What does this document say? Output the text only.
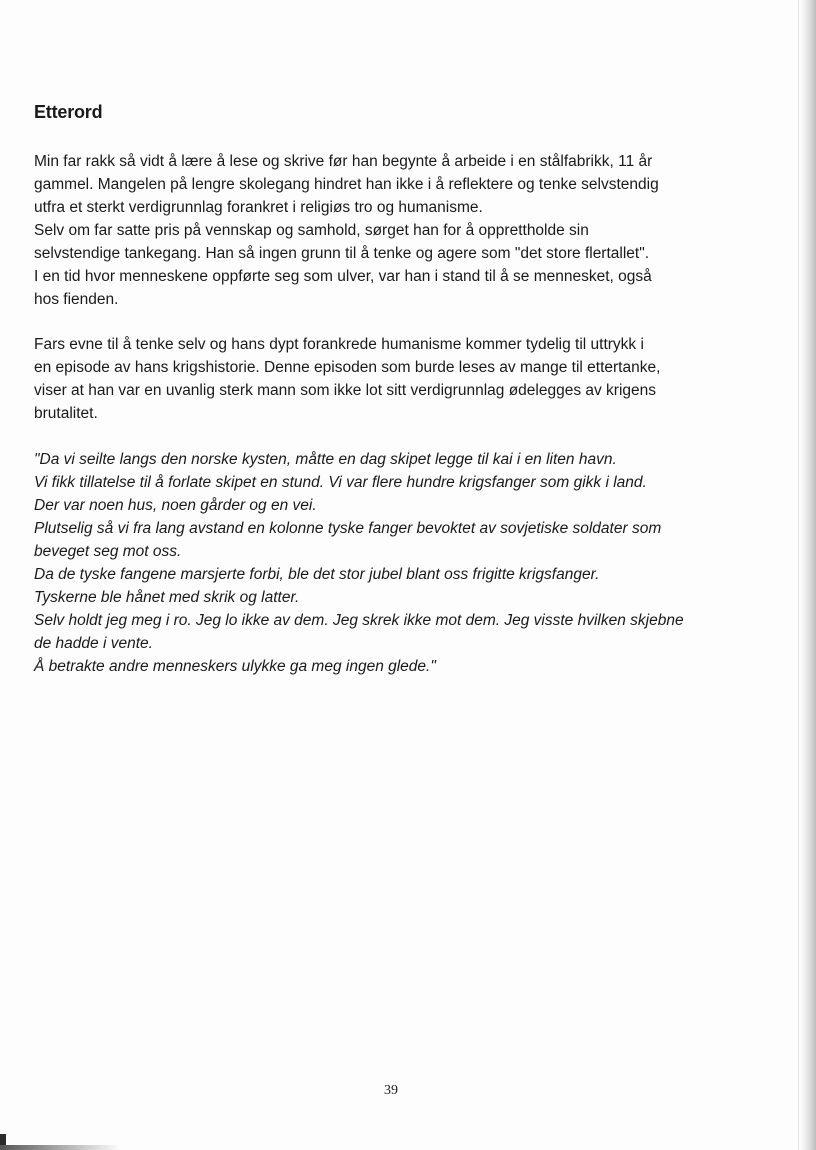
Etterord

Min far rakk så vidt å lære å lese og skrive før han begynte å arbeide i en stålfabrikk, 11 år
gammel. Mangelen på lengre skolegang hindret han ikke i å reflektere og tenke selvstendig
utfra et sterkt verdigrunnlag forankret i religiøs tro og humanisme.
Selv om far satte pris på vennskap og samhold, sørget han for å opprettholde sin
selvstendige tankegang. Han så ingen grunn til å tenke og agere som "det store flertallet".
I en tid hvor menneskene oppførte seg som ulver, var han i stand til å se mennesket, også
hos fienden.

Fars evne til å tenke selv og hans dypt forankrede humanisme kommer tydelig til uttrykk i
en episode av hans krigshistorie. Denne episoden som burde leses av mange til ettertanke,
viser at han var en uvanlig sterk mann som ikke lot sitt verdigrunnlag ødelegges av krigens
brutalitet.

"Da vi seilte langs den norske kysten, måtte en dag skipet legge til kai i en liten havn.
Vi fikk tillatelse til å forlate skipet en stund. Vi var flere hundre krigsfanger som gikk i land.
Der var noen hus, noen gårder og en vei.
Plutselig så vi fra lang avstand en kolonne tyske fanger bevoktet av sovjetiske soldater som
beveget seg mot oss.
Da de tyske fangene marsjerte forbi, ble det stor jubel blant oss frigitte krigsfanger.
Tyskerne ble hånet med skrik og latter.
Selv holdt jeg meg i ro. Jeg lo ikke av dem. Jeg skrek ikke mot dem. Jeg visste hvilken skjebne
de hadde i vente.
Å betrakte andre menneskers ulykke ga meg ingen glede."

39
